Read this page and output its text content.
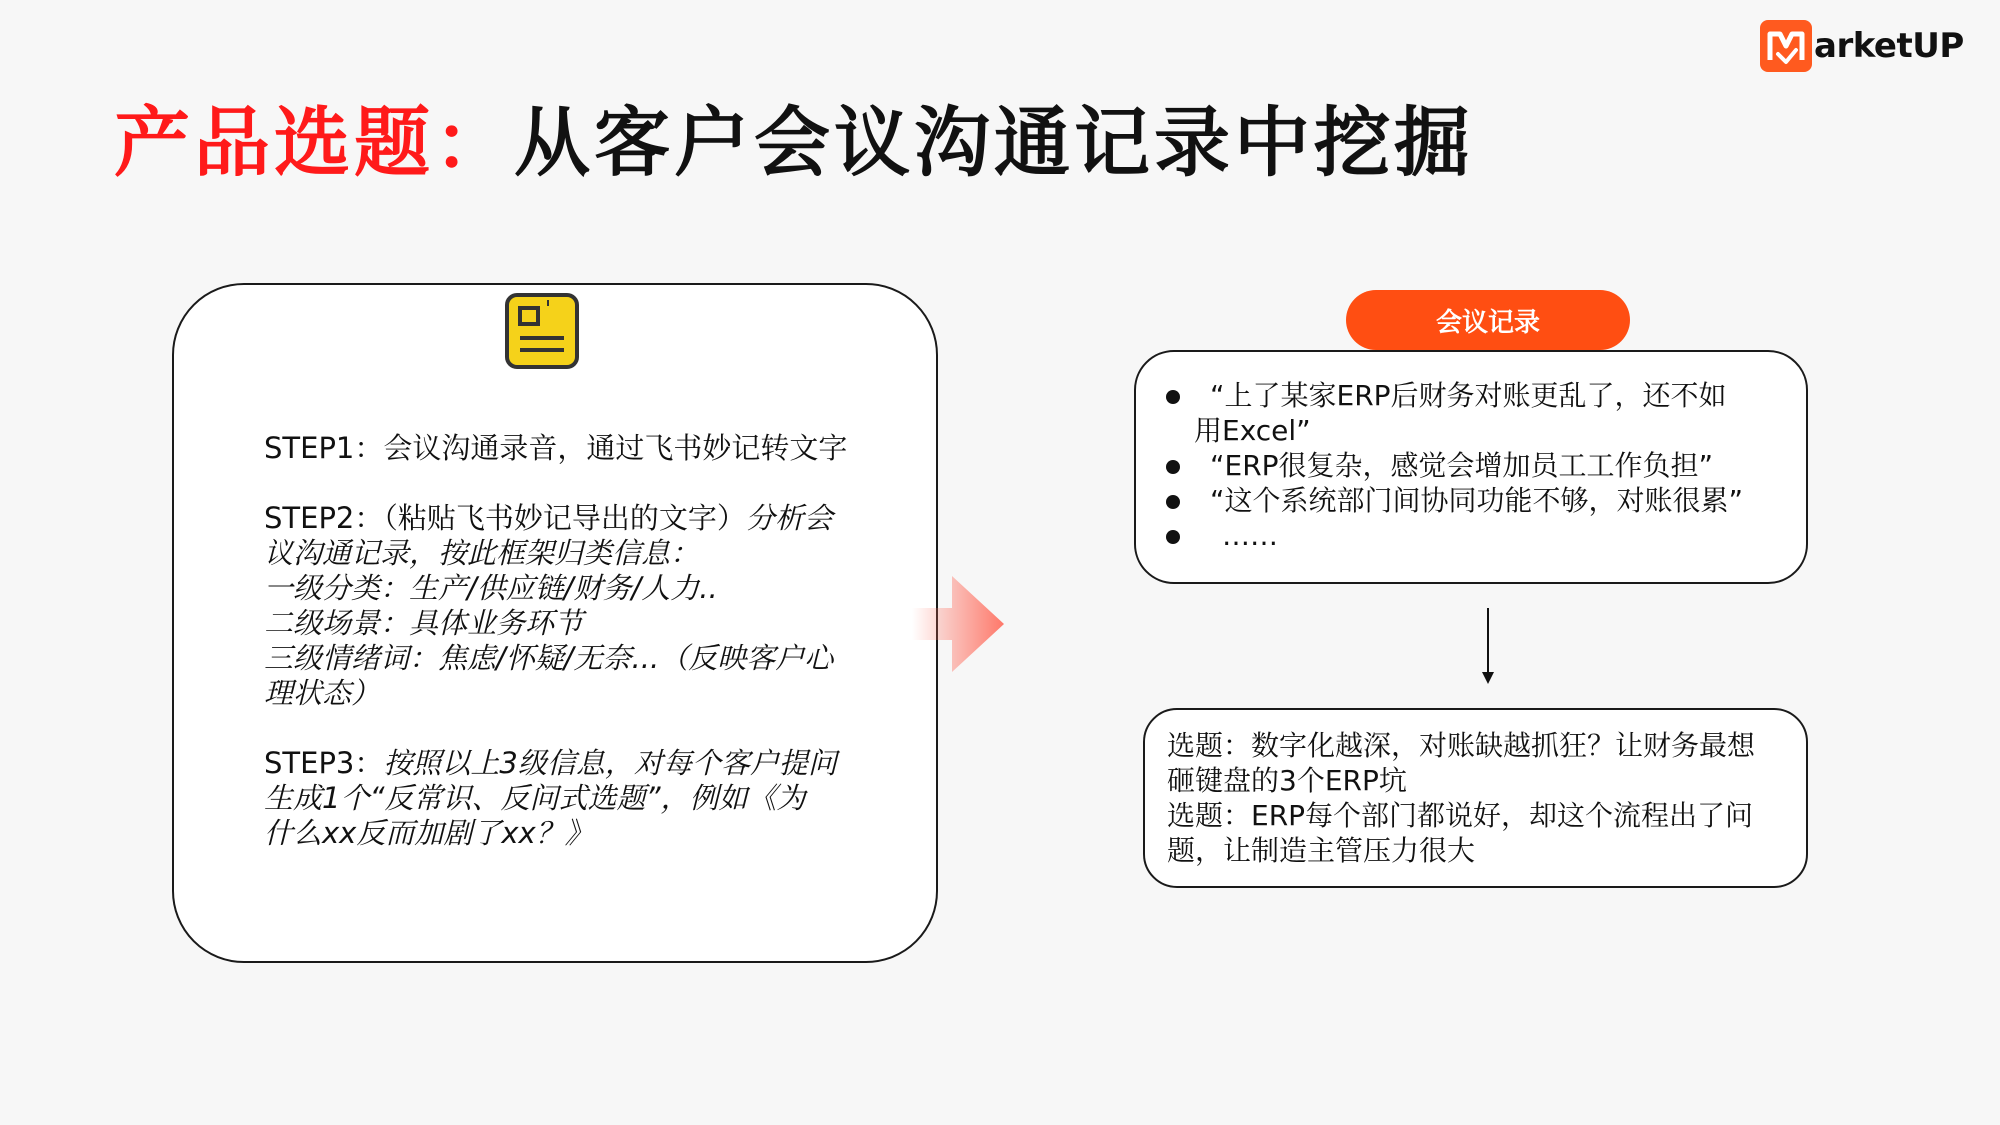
arketUP
产品选题：从客户会议沟通记录中挖掘
STEP1：会议沟通录音，通过飞书妙记转文字
STEP2：（粘贴飞书妙记导出的文字）分析会
议沟通记录，按此框架归类信息：
一级分类：生产/供应链/财务/人力..
二级场景：具体业务环节
三级情绪词：焦虑/怀疑/无奈...（反映客户心
理状态）
STEP3：按照以上3级信息，对每个客户提问
生成1个“反常识、反问式选题”，例如《为
什么xx反而加剧了xx？》
会议记录
“上了某家ERP后财务对账更乱了，还不如
用Excel”
“ERP很复杂，感觉会增加员工工作负担”
“这个系统部门间协同功能不够，对账很累”
……
选题：数字化越深，对账缺越抓狂？让财务最想
砸键盘的3个ERP坑
选题：ERP每个部门都说好，却这个流程出了问
题，让制造主管压力很大
